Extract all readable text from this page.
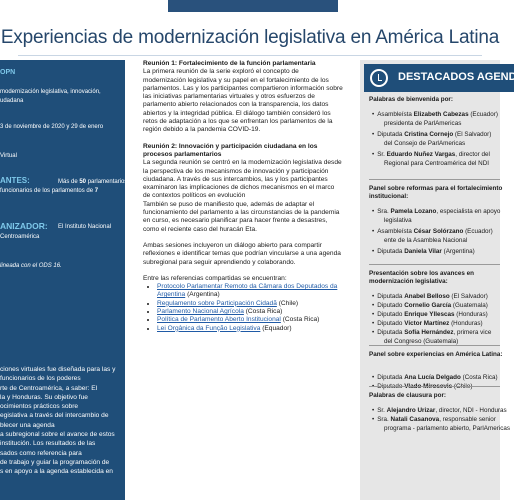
Experiencias de modernización legislativa en América Latina
OPN
modernización legislativa, innovación,
udadana
3 de noviembre de 2020 y 29 de enero
Virtual
ANTES:	Más de 50 parlamentarios y
funcionarios de los parlamentos de 7
ANIZADOR: El Instituto Nacional
Centroamérica
lineada con el ODS 16.
ciones virtuales fue diseñada para las y
funcionarios de los poderes
rte de Centroamérica, a saber: El
la y Honduras. Su objetivo fue
ocimientos prácticos sobre
egislativa a través del intercambio de
blecer una agenda
a subregional sobre el avance de estos
institución. Los resultados de las
sados como referencia para
de trabajo y guiar la programación de
s en apoyo a la agenda establecida en
Reunión 1: Fortalecimiento de la función parlamentaria

La primera reunión de la serie exploró el concepto de modernización legislativa y su papel en el fortalecimiento de los parlamentos. Las y los participantes compartieron información sobre las iniciativas parlamentarias virtuales y otros esfuerzos de parlamento abierto relacionados con la transparencia, los datos abiertos y la integridad pública. El diálogo también consideró los retos de adaptación a los que se enfrentan los parlamentos de la región debido a la pandemia COVID-19.

Reunión 2: Innovación y participación ciudadana en los procesos parlamentarios

La segunda reunión se centró en la modernización legislativa desde la perspectiva de los mecanismos de innovación y participación ciudadana. A través de sus intercambios, las y los participantes examinaron las implicaciones de dichos mecanismos en el marco de contextos políticos en evolución

También se puso de manifiesto que, además de adaptar el funcionamiento del parlamento a las circunstancias de la pandemia en curso, es necesario planificar para hacer frente a desastres, como el reciente caso del huracán Eta.

Ambas sesiones incluyeron un diálogo abierto para compartir reflexiones e identificar temas que podrían vincularse a una agenda subregional para seguir aprendiendo y colaborando.

Entre las referencias compartidas se encuentran:

• Protocolo Parlamentar Remoto da Câmara dos Deputados da Argentina (Argentina)
• Regulamento sobre Participación Cidadã (Chile)
• Parlamento Nacional Agrícola (Costa Rica)
• Política de Parlamento Aberto Institucional (Costa Rica)
• Lei Orgânica da Função Legislativa (Equador)
DESTACADOS AGENDA
Palabras de bienvenida por:
• Asambleísta Elizabeth Cabezas (Ecuador)
presidenta de ParlAmericas
• Diputada Cristina Cornejo (El Salvador)
del Consejo de ParlAmericas
• Sr. Eduardo Nuñez Vargas, director del
Regional para Centroamérica del NDI
Panel sobre reformas para el fortalecimiento institucional:
• Sra. Pamela Lozano, especialista en apoyo
legislativa
• Asambleísta César Solórzano (Ecuador)
ente de la Asamblea Nacional
• Diputada Daniela Vilar (Argentina)
Presentación sobre los avances en modernización legislativa:
• Diputada Anabel Belloso (El Salvador)
• Diputado Cornelio García (Guatemala)
• Diputado Enrique Yllescas (Honduras)
• Diputado Víctor Martínez (Honduras)
• Diputada Sofía Hernández, primera vice
del Congreso (Guatemala)
Panel sobre experiencias en América Latina:
• Diputada Ana Lucía Delgado (Costa Rica)
Palabras de clausura por:
• Sr. Alejandro Urizar, director, NDI - Honduras
• Sra. Natali Casanova, responsable senior
programa - parlamento abierto, ParlAmericas
